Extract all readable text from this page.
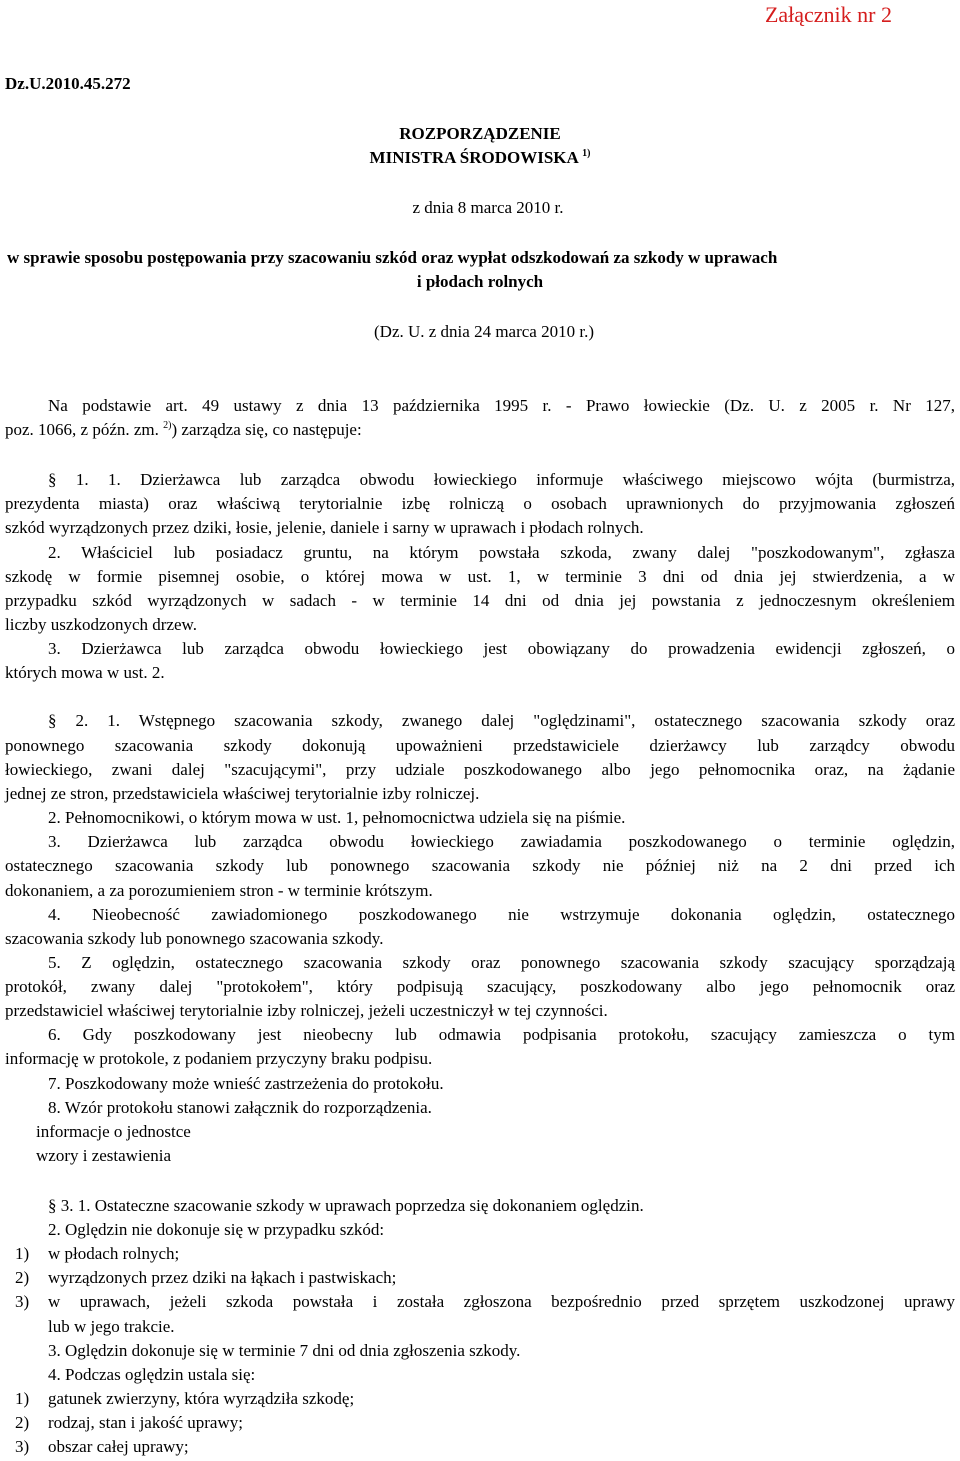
Załącznik nr 2
Dz.U.2010.45.272
ROZPORZĄDZENIE
MINISTRA ŚRODOWISKA $^{1)}$
z dnia 8 marca 2010 r.
w sprawie sposobu postępowania przy szacowaniu szkód oraz wypłat odszkodowań za szkody w uprawach
i płodach rolnych
(Dz. U. z dnia 24 marca 2010 r.)
Na podstawie art. 49 ustawy z dnia 13 października 1995 r. - Prawo łowieckie (Dz. U. z 2005 r. Nr 127,
poz. 1066, z późn. zm. $^{2)}$) zarządza się, co następuje:
§ 1. 1. Dzierżawca lub zarządca obwodu łowieckiego informuje właściwego miejscowo wójta (burmistrza,
prezydenta miasta) oraz właściwą terytorialnie izbę rolniczą o osobach uprawnionych do przyjmowania zgłoszeń
szkód wyrządzonych przez dziki, łosie, jelenie, daniele i sarny w uprawach i płodach rolnych.
2. Właściciel lub posiadacz gruntu, na którym powstała szkoda, zwany dalej "poszkodowanym", zgłasza
szkodę w formie pisemnej osobie, o której mowa w ust. 1, w terminie 3 dni od dnia jej stwierdzenia, a w
przypadku szkód wyrządzonych w sadach - w terminie 14 dni od dnia jej powstania z jednoczesnym określeniem
liczby uszkodzonych drzew.
3. Dzierżawca lub zarządca obwodu łowieckiego jest obowiązany do prowadzenia ewidencji zgłoszeń, o
których mowa w ust. 2.
§ 2. 1. Wstępnego szacowania szkody, zwanego dalej "oględzinami", ostatecznego szacowania szkody oraz
ponownego szacowania szkody dokonują upoważnieni przedstawiciele dzierżawcy lub zarządcy obwodu
łowieckiego, zwani dalej "szacującymi", przy udziale poszkodowanego albo jego pełnomocnika oraz, na żądanie
jednej ze stron, przedstawiciela właściwej terytorialnie izby rolniczej.
2. Pełnomocnikowi, o którym mowa w ust. 1, pełnomocnictwa udziela się na piśmie.
3. Dzierżawca lub zarządca obwodu łowieckiego zawiadamia poszkodowanego o terminie oględzin,
ostatecznego szacowania szkody lub ponownego szacowania szkody nie później niż na 2 dni przed ich
dokonaniem, a za porozumieniem stron - w terminie krótszym.
4. Nieobecność zawiadomionego poszkodowanego nie wstrzymuje dokonania oględzin, ostatecznego
szacowania szkody lub ponownego szacowania szkody.
5. Z oględzin, ostatecznego szacowania szkody oraz ponownego szacowania szkody szacujący sporządzają
protokół, zwany dalej "protokołem", który podpisują szacujący, poszkodowany albo jego pełnomocnik oraz
przedstawiciel właściwej terytorialnie izby rolniczej, jeżeli uczestniczył w tej czynności.
6. Gdy poszkodowany jest nieobecny lub odmawia podpisania protokołu, szacujący zamieszcza o tym
informację w protokole, z podaniem przyczyny braku podpisu.
7. Poszkodowany może wnieść zastrzeżenia do protokołu.
8. Wzór protokołu stanowi załącznik do rozporządzenia.
informacje o jednostce
wzory i zestawienia
§ 3. 1. Ostateczne szacowanie szkody w uprawach poprzedza się dokonaniem oględzin.
2. Oględzin nie dokonuje się w przypadku szkód:
1) w płodach rolnych;
2) wyrządzonych przez dziki na łąkach i pastwiskach;
3) w uprawach, jeżeli szkoda powstała i została zgłoszona bezpośrednio przed sprzętem uszkodzonej uprawy
lub w jego trakcie.
3. Oględzin dokonuje się w terminie 7 dni od dnia zgłoszenia szkody.
4. Podczas oględzin ustala się:
1) gatunek zwierzyny, która wyrządziła szkodę;
2) rodzaj, stan i jakość uprawy;
3) obszar całej uprawy;
